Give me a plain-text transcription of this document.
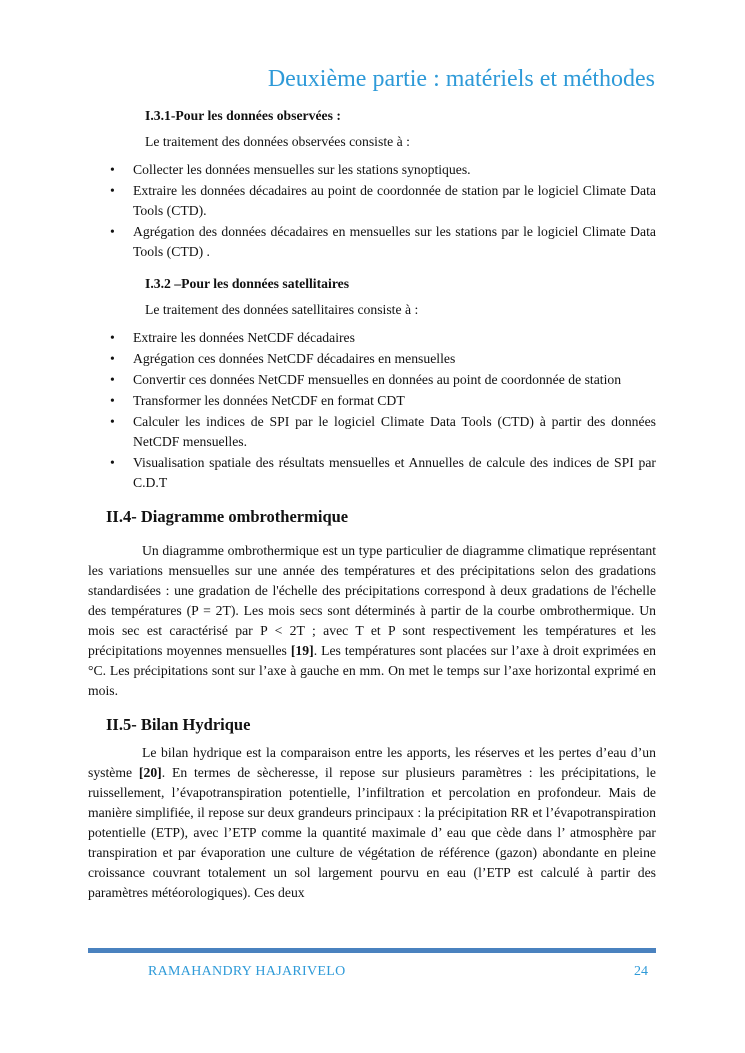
Deuxième partie : matériels et méthodes
I.3.1-Pour les données observées :
Le traitement des données observées consiste à :
• Collecter les données mensuelles sur les stations synoptiques.
• Extraire les données décadaires au point de coordonnée de station par le logiciel Climate Data Tools (CTD).
• Agrégation des données décadaires en mensuelles sur les stations par le logiciel Climate Data Tools (CTD) .
I.3.2 –Pour les données satellitaires
Le traitement des données satellitaires consiste à :
• Extraire les données NetCDF décadaires
• Agrégation ces données NetCDF décadaires en mensuelles
• Convertir ces données NetCDF mensuelles en données au point de coordonnée de station
• Transformer les données NetCDF en format CDT
• Calculer les indices de SPI par le logiciel Climate Data Tools (CTD) à partir des données NetCDF mensuelles.
• Visualisation spatiale des résultats mensuelles et Annuelles de calcule des indices de SPI par C.D.T
II.4- Diagramme ombrothermique
Un diagramme ombrothermique est un type particulier de diagramme climatique représentant les variations mensuelles sur une année des températures et des précipitations selon des gradations standardisées : une gradation de l'échelle des précipitations correspond à deux gradations de l'échelle des températures (P = 2T). Les mois secs sont déterminés à partir de la courbe ombrothermique. Un mois sec est caractérisé par P < 2T ; avec T et P sont respectivement les températures et les précipitations moyennes mensuelles [19]. Les températures sont placées sur l’axe à droit exprimées en °C. Les précipitations sont sur l’axe à gauche en mm. On met le temps sur l’axe horizontal exprimé en mois.
II.5- Bilan Hydrique
Le bilan hydrique est la comparaison entre les apports, les réserves et les pertes d’eau d’un système [20]. En termes de sècheresse, il repose sur plusieurs paramètres : les précipitations, le ruissellement, l’évapotranspiration potentielle, l’infiltration et percolation en profondeur. Mais de manière simplifiée, il repose sur deux grandeurs principaux : la précipitation RR et l’évapotranspiration potentielle (ETP), avec l’ETP comme la quantité maximale d’ eau que cède dans l’ atmosphère par transpiration et par évaporation une culture de végétation de référence (gazon) abondante en pleine croissance couvrant totalement un sol largement pourvu en eau (l’ETP est calculé à partir des paramètres météorologiques). Ces deux
RAMAHANDRY HAJARIVELO	24
